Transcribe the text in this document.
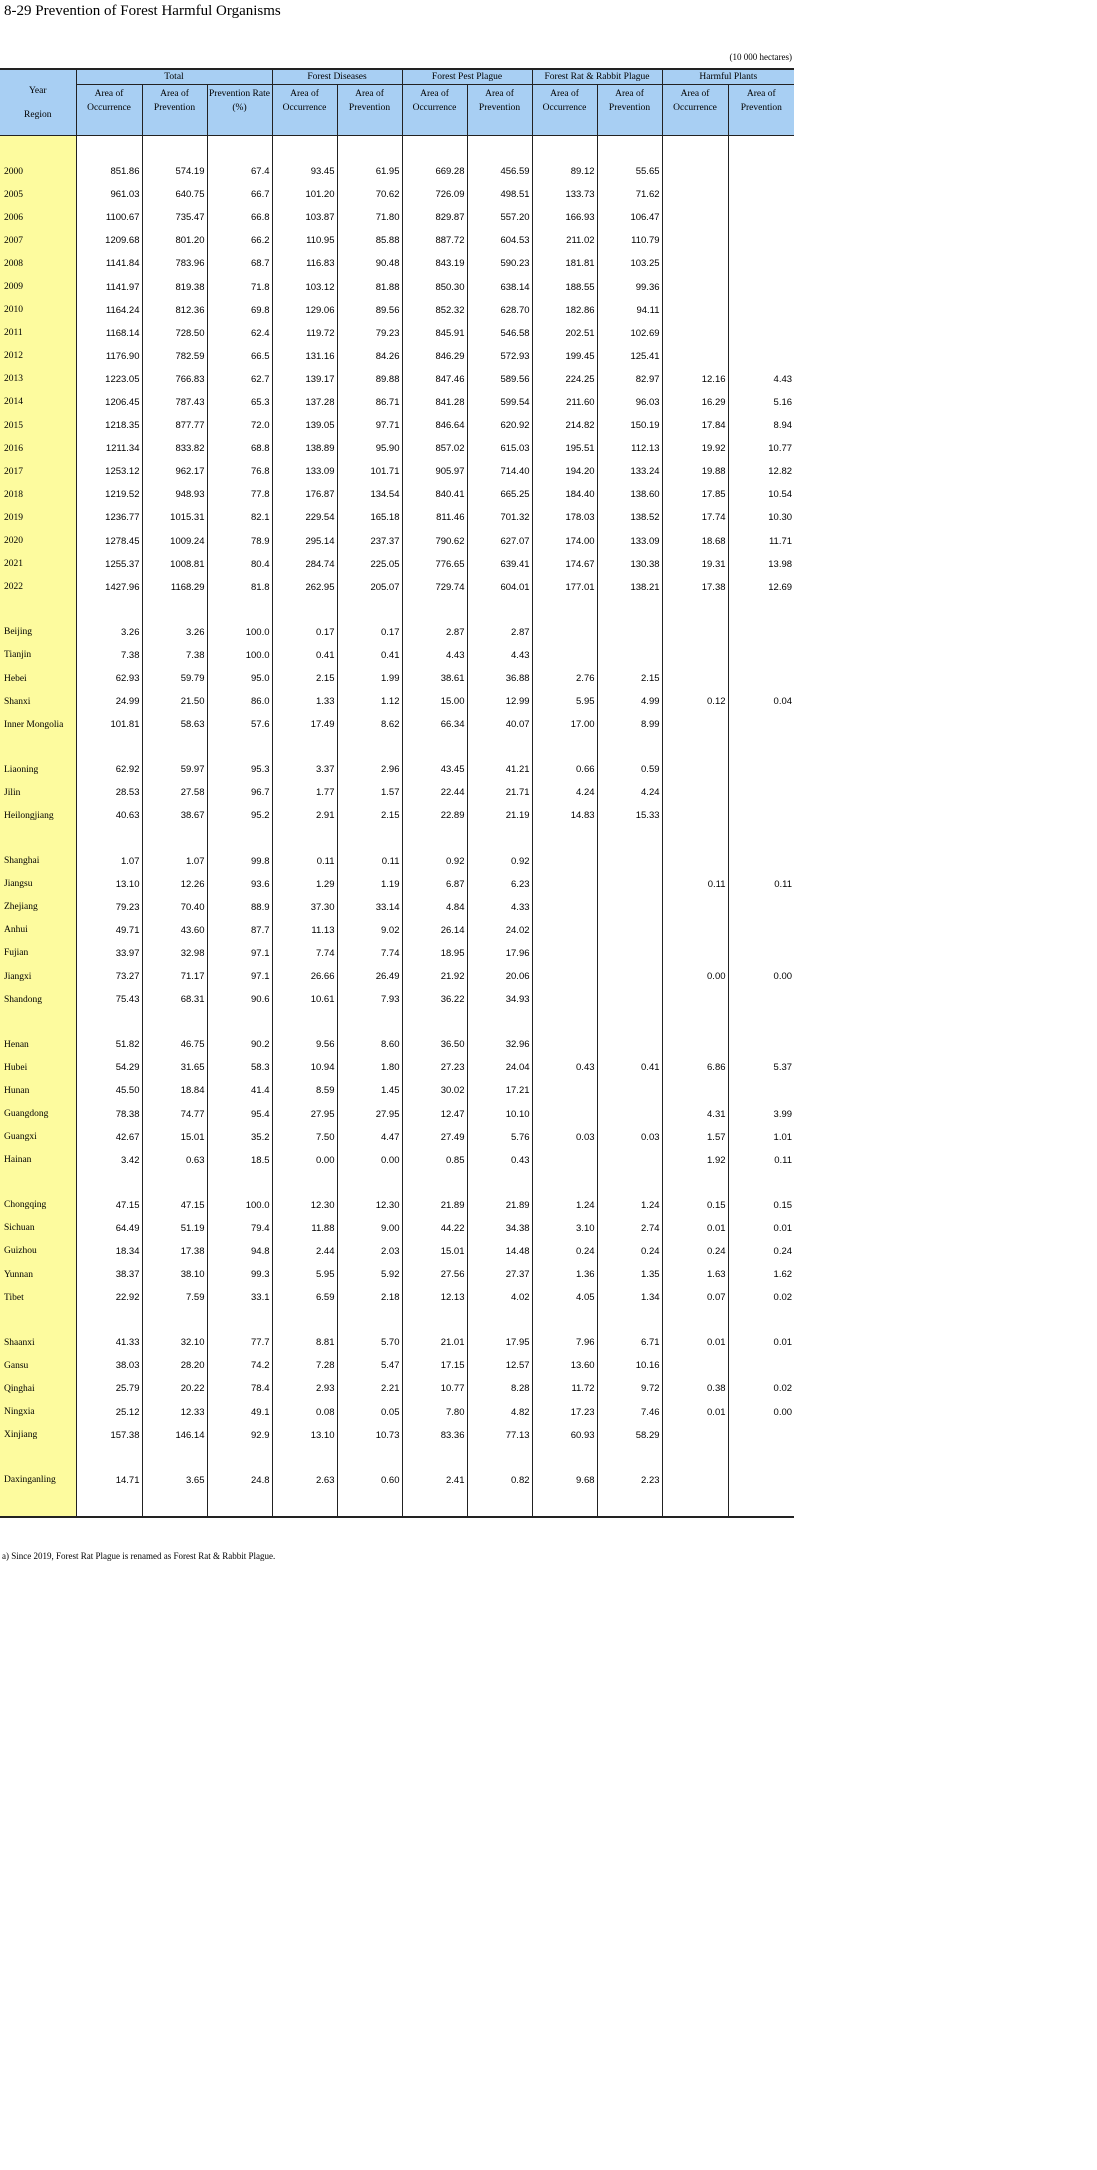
8-29 Prevention of Forest Harmful Organisms
(10 000 hectares)
Year
Region	Total			Forest Diseases		Forest Pest Plague		Forest Rat & Rabbit Plague		Harmful Plants	
	Area of Occurrence	Area of Prevention	Prevention Rate (%)	Area of Occurrence	Area of Prevention	Area of Occurrence	Area of Prevention	Area of Occurrence	Area of Prevention	Area of Occurrence	Area of Prevention

2000	851.86	574.19	67.4	93.45	61.95	669.28	456.59	89.12	55.65		
2005	961.03	640.75	66.7	101.20	70.62	726.09	498.51	133.73	71.62		
2006	1100.67	735.47	66.8	103.87	71.80	829.87	557.20	166.93	106.47		
2007	1209.68	801.20	66.2	110.95	85.88	887.72	604.53	211.02	110.79		
2008	1141.84	783.96	68.7	116.83	90.48	843.19	590.23	181.81	103.25		
2009	1141.97	819.38	71.8	103.12	81.88	850.30	638.14	188.55	99.36		
2010	1164.24	812.36	69.8	129.06	89.56	852.32	628.70	182.86	94.11		
2011	1168.14	728.50	62.4	119.72	79.23	845.91	546.58	202.51	102.69		
2012	1176.90	782.59	66.5	131.16	84.26	846.29	572.93	199.45	125.41		
2013	1223.05	766.83	62.7	139.17	89.88	847.46	589.56	224.25	82.97	12.16	4.43
2014	1206.45	787.43	65.3	137.28	86.71	841.28	599.54	211.60	96.03	16.29	5.16
2015	1218.35	877.77	72.0	139.05	97.71	846.64	620.92	214.82	150.19	17.84	8.94
2016	1211.34	833.82	68.8	138.89	95.90	857.02	615.03	195.51	112.13	19.92	10.77
2017	1253.12	962.17	76.8	133.09	101.71	905.97	714.40	194.20	133.24	19.88	12.82
2018	1219.52	948.93	77.8	176.87	134.54	840.41	665.25	184.40	138.60	17.85	10.54
2019	1236.77	1015.31	82.1	229.54	165.18	811.46	701.32	178.03	138.52	17.74	10.30
2020	1278.45	1009.24	78.9	295.14	237.37	790.62	627.07	174.00	133.09	18.68	11.71
2021	1255.37	1008.81	80.4	284.74	225.05	776.65	639.41	174.67	130.38	19.31	13.98
2022	1427.96	1168.29	81.8	262.95	205.07	729.74	604.01	177.01	138.21	17.38	12.69

Beijing	3.26	3.26	100.0	0.17	0.17	2.87	2.87				
Tianjin	7.38	7.38	100.0	0.41	0.41	4.43	4.43				
Hebei	62.93	59.79	95.0	2.15	1.99	38.61	36.88	2.76	2.15		
Shanxi	24.99	21.50	86.0	1.33	1.12	15.00	12.99	5.95	4.99	0.12	0.04
Inner Mongolia	101.81	58.63	57.6	17.49	8.62	66.34	40.07	17.00	8.99		

Liaoning	62.92	59.97	95.3	3.37	2.96	43.45	41.21	0.66	0.59		
Jilin	28.53	27.58	96.7	1.77	1.57	22.44	21.71	4.24	4.24		
Heilongjiang	40.63	38.67	95.2	2.91	2.15	22.89	21.19	14.83	15.33		

Shanghai	1.07	1.07	99.8	0.11	0.11	0.92	0.92				
Jiangsu	13.10	12.26	93.6	1.29	1.19	6.87	6.23			0.11	0.11
Zhejiang	79.23	70.40	88.9	37.30	33.14	4.84	4.33				
Anhui	49.71	43.60	87.7	11.13	9.02	26.14	24.02				
Fujian	33.97	32.98	97.1	7.74	7.74	18.95	17.96				
Jiangxi	73.27	71.17	97.1	26.66	26.49	21.92	20.06			0.00	0.00
Shandong	75.43	68.31	90.6	10.61	7.93	36.22	34.93				

Henan	51.82	46.75	90.2	9.56	8.60	36.50	32.96				
Hubei	54.29	31.65	58.3	10.94	1.80	27.23	24.04	0.43	0.41	6.86	5.37
Hunan	45.50	18.84	41.4	8.59	1.45	30.02	17.21				
Guangdong	78.38	74.77	95.4	27.95	27.95	12.47	10.10			4.31	3.99
Guangxi	42.67	15.01	35.2	7.50	4.47	27.49	5.76	0.03	0.03	1.57	1.01
Hainan	3.42	0.63	18.5	0.00	0.00	0.85	0.43			1.92	0.11

Chongqing	47.15	47.15	100.0	12.30	12.30	21.89	21.89	1.24	1.24	0.15	0.15
Sichuan	64.49	51.19	79.4	11.88	9.00	44.22	34.38	3.10	2.74	0.01	0.01
Guizhou	18.34	17.38	94.8	2.44	2.03	15.01	14.48	0.24	0.24	0.24	0.24
Yunnan	38.37	38.10	99.3	5.95	5.92	27.56	27.37	1.36	1.35	1.63	1.62
Tibet	22.92	7.59	33.1	6.59	2.18	12.13	4.02	4.05	1.34	0.07	0.02

Shaanxi	41.33	32.10	77.7	8.81	5.70	21.01	17.95	7.96	6.71	0.01	0.01
Gansu	38.03	28.20	74.2	7.28	5.47	17.15	12.57	13.60	10.16		
Qinghai	25.79	20.22	78.4	2.93	2.21	10.77	8.28	11.72	9.72	0.38	0.02
Ningxia	25.12	12.33	49.1	0.08	0.05	7.80	4.82	17.23	7.46	0.01	0.00
Xinjiang	157.38	146.14	92.9	13.10	10.73	83.36	77.13	60.93	58.29		

Daxinganling	14.71	3.65	24.8	2.63	0.60	2.41	0.82	9.68	2.23		

a) Since 2019, Forest Rat Plague is renamed as Forest Rat & Rabbit Plague.
